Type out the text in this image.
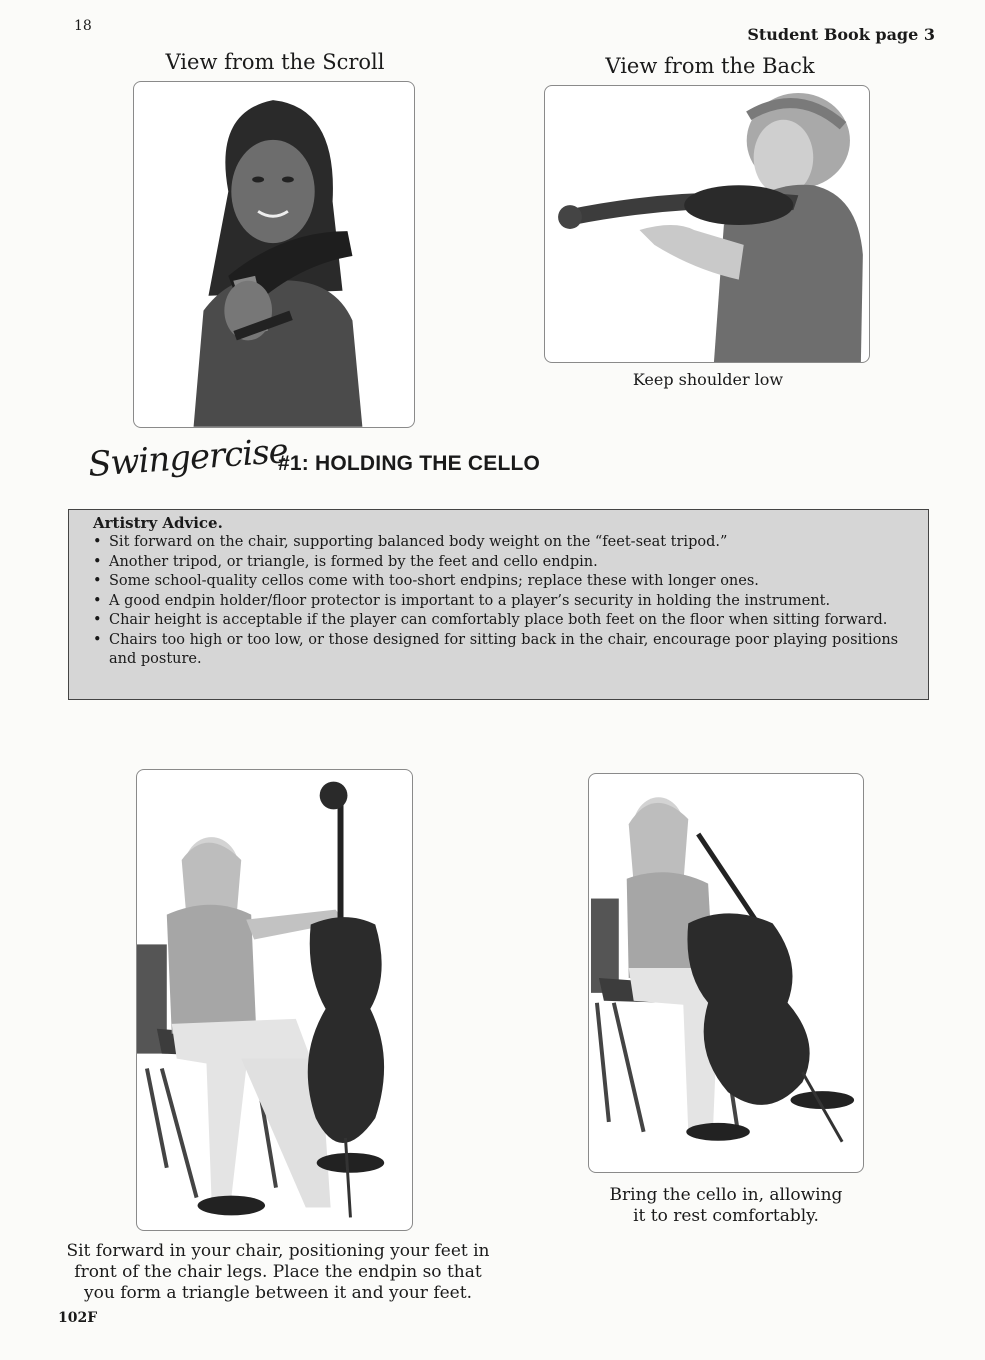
18	Student Book page 3
View from the Scroll	View from the Back
Keep shoulder low
Swingercise
#1: HOLDING THE CELLO
Artistry Advice.
• Sit forward on the chair, supporting balanced body weight on the “feet-seat tripod.”
• Another tripod, or triangle, is formed by the feet and cello endpin.
• Some school-quality cellos come with too-short endpins; replace these with longer ones.
• A good endpin holder/floor protector is important to a player’s security in holding the instrument.
• Chair height is acceptable if the player can comfortably place both feet on the floor when sitting forward.
• Chairs too high or too low, or those designed for sitting back in the chair, encourage poor playing positions and posture.
Sit forward in your chair, positioning your feet in
front of the chair legs. Place the endpin so that
you form a triangle between it and your feet.
Bring the cello in, allowing
it to rest comfortably.
102F
